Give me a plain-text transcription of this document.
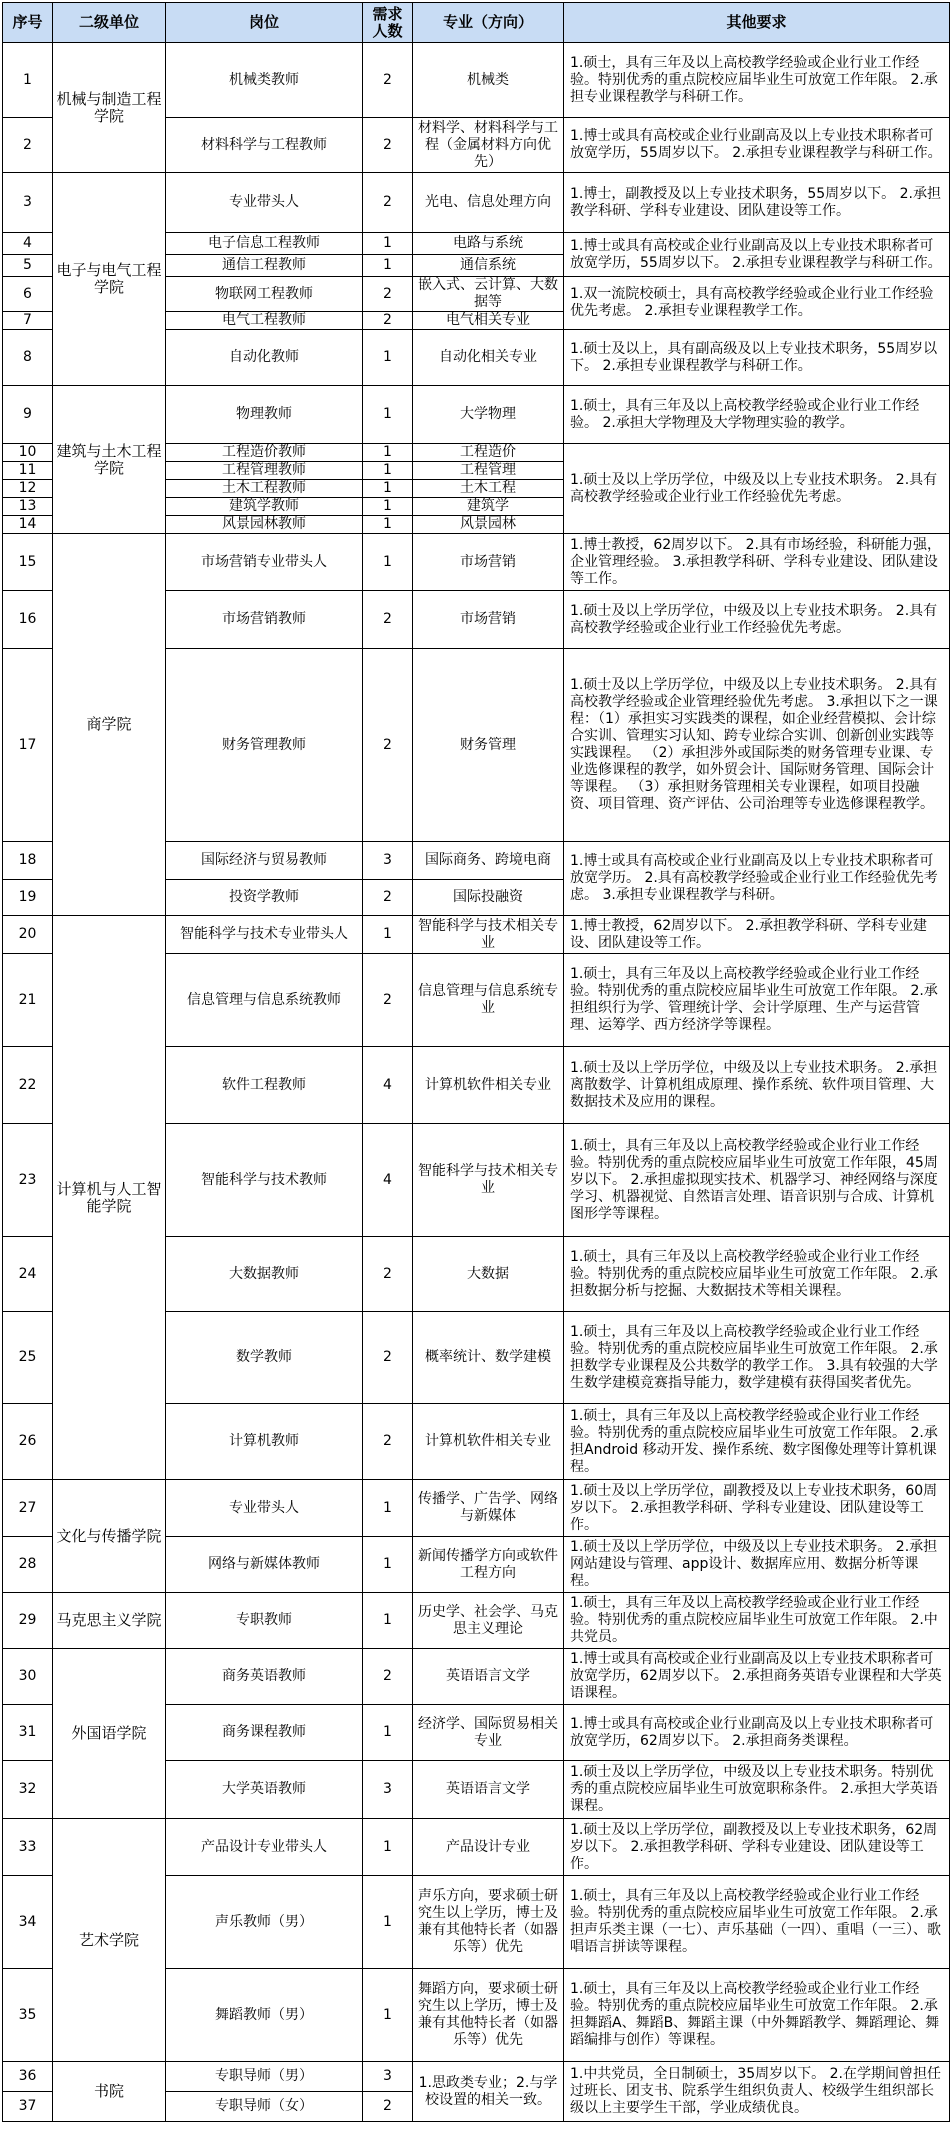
序号	二级单位	岗位	需求人数	专业（方向）	其他要求
1	机械与制造工程学院	机械类教师	2	机械类	1.硕士，具有三年及以上高校教学经验或企业行业工作经验。特别优秀的重点院校应届毕业生可放宽工作年限。 2.承担专业课程教学与科研工作。
2		材料科学与工程教师	2	材料学、材料科学与工程（金属材料方向优先）	1.博士或具有高校或企业行业副高及以上专业技术职称者可放宽学历，55周岁以下。 2.承担专业课程教学与科研工作。
3	电子与电气工程学院	专业带头人	2	光电、信息处理方向	1.博士，副教授及以上专业技术职务，55周岁以下。 2.承担教学科研、学科专业建设、团队建设等工作。
4		电子信息工程教师	1	电路与系统	1.博士或具有高校或企业行业副高及以上专业技术职称者可放宽学历，55周岁以下。 2.承担专业课程教学与科研工作。
5		通信工程教师	1	通信系统	
6		物联网工程教师	2	嵌入式、云计算、大数据等	1.双一流院校硕士，具有高校教学经验或企业行业工作经验优先考虑。 2.承担专业课程教学工作。
7		电气工程教师	2	电气相关专业	
8		自动化教师	1	自动化相关专业	1.硕士及以上，具有副高级及以上专业技术职务，55周岁以下。 2.承担专业课程教学与科研工作。
9	建筑与土木工程学院	物理教师	1	大学物理	1.硕士，具有三年及以上高校教学经验或企业行业工作经验。 2.承担大学物理及大学物理实验的教学。
10		工程造价教师	1	工程造价	1.硕士及以上学历学位，中级及以上专业技术职务。 2.具有高校教学经验或企业行业工作经验优先考虑。
11		工程管理教师	1	工程管理	
12		土木工程教师	1	土木工程	
13		建筑学教师	1	建筑学	
14		风景园林教师	1	风景园林	
15	商学院	市场营销专业带头人	1	市场营销	1.博士教授，62周岁以下。 2.具有市场经验，科研能力强，企业管理经验。 3.承担教学科研、学科专业建设、团队建设等工作。
16		市场营销教师	2	市场营销	1.硕士及以上学历学位，中级及以上专业技术职务。 2.具有高校教学经验或企业行业工作经验优先考虑。
17		财务管理教师	2	财务管理	1.硕士及以上学历学位，中级及以上专业技术职务。 2.具有高校教学经验或企业管理经验优先考虑。 3.承担以下之一课程：（1）承担实习实践类的课程，如企业经营模拟、会计综合实训、管理实习认知、跨专业综合实训、创新创业实践等实践课程。 （2）承担涉外或国际类的财务管理专业课、专业选修课程的教学，如外贸会计、国际财务管理、国际会计等课程。 （3）承担财务管理相关专业课程，如项目投融资、项目管理、资产评估、公司治理等专业选修课程教学。
18		国际经济与贸易教师	3	国际商务、跨境电商	1.博士或具有高校或企业行业副高及以上专业技术职称者可放宽学历。 2.具有高校教学经验或企业行业工作经验优先考虑。 3.承担专业课程教学与科研。
19		投资学教师	2	国际投融资	
20	计算机与人工智能学院	智能科学与技术专业带头人	1	智能科学与技术相关专业	1.博士教授，62周岁以下。 2.承担教学科研、学科专业建设、团队建设等工作。
21		信息管理与信息系统教师	2	信息管理与信息系统专业	1.硕士，具有三年及以上高校教学经验或企业行业工作经验。特别优秀的重点院校应届毕业生可放宽工作年限。 2.承担组织行为学、管理统计学、会计学原理、生产与运营管理、运筹学、西方经济学等课程。
22		软件工程教师	4	计算机软件相关专业	1.硕士及以上学历学位，中级及以上专业技术职务。 2.承担离散数学、计算机组成原理、操作系统、软件项目管理、大数据技术及应用的课程。
23		智能科学与技术教师	4	智能科学与技术相关专业	1.硕士，具有三年及以上高校教学经验或企业行业工作经验。特别优秀的重点院校应届毕业生可放宽工作年限，45周岁以下。 2.承担虚拟现实技术、机器学习、神经网络与深度学习、机器视觉、自然语言处理、语音识别与合成、计算机图形学等课程。
24		大数据教师	2	大数据	1.硕士，具有三年及以上高校教学经验或企业行业工作经验。特别优秀的重点院校应届毕业生可放宽工作年限。 2.承担数据分析与挖掘、大数据技术等相关课程。
25		数学教师	2	概率统计、数学建模	1.硕士，具有三年及以上高校教学经验或企业行业工作经验。特别优秀的重点院校应届毕业生可放宽工作年限。 2.承担数学专业课程及公共数学的教学工作。 3.具有较强的大学生数学建模竞赛指导能力，数学建模有获得国奖者优先。
26		计算机教师	2	计算机软件相关专业	1.硕士，具有三年及以上高校教学经验或企业行业工作经验。特别优秀的重点院校应届毕业生可放宽工作年限。 2.承担Android 移动开发、操作系统、数字图像处理等计算机课程。
27	文化与传播学院	专业带头人	1	传播学、广告学、网络与新媒体	1.硕士及以上学历学位，副教授及以上专业技术职务，60周岁以下。 2.承担教学科研、学科专业建设、团队建设等工作。
28		网络与新媒体教师	1	新闻传播学方向或软件工程方向	1.硕士及以上学历学位，中级及以上专业技术职务。 2.承担网站建设与管理、app设计、数据库应用、数据分析等课程。
29	马克思主义学院	专职教师	1	历史学、社会学、马克思主义理论	1.硕士，具有三年及以上高校教学经验或企业行业工作经验。特别优秀的重点院校应届毕业生可放宽工作年限。 2.中共党员。
30	外国语学院	商务英语教师	2	英语语言文学	1.博士或具有高校或企业行业副高及以上专业技术职称者可放宽学历，62周岁以下。 2.承担商务英语专业课程和大学英语课程。
31		商务课程教师	1	经济学、国际贸易相关专业	1.博士或具有高校或企业行业副高及以上专业技术职称者可放宽学历，62周岁以下。 2.承担商务类课程。
32		大学英语教师	3	英语语言文学	1.硕士及以上学历学位，中级及以上专业技术职务。特别优秀的重点院校应届毕业生可放宽职称条件。 2.承担大学英语课程。
33	艺术学院	产品设计专业带头人	1	产品设计专业	1.硕士及以上学历学位，副教授及以上专业技术职务，62周岁以下。 2.承担教学科研、学科专业建设、团队建设等工作。
34		声乐教师（男）	1	声乐方向，要求硕士研究生以上学历，博士及兼有其他特长者（如器乐等）优先	1.硕士，具有三年及以上高校教学经验或企业行业工作经验。特别优秀的重点院校应届毕业生可放宽工作年限。 2.承担声乐类主课（一七）、声乐基础（一四）、重唱（一三）、歌唱语言拼读等课程。
35		舞蹈教师（男）	1	舞蹈方向，要求硕士研究生以上学历，博士及兼有其他特长者（如器乐等）优先	1.硕士，具有三年及以上高校教学经验或企业行业工作经验。特别优秀的重点院校应届毕业生可放宽工作年限。 2.承担舞蹈A、舞蹈B、舞蹈主课（中外舞蹈教学、舞蹈理论、舞蹈编排与创作）等课程。
36	书院	专职导师（男）	3	1.思政类专业；2.与学校设置的相关一致。	1.中共党员，全日制硕士，35周岁以下。 2.在学期间曾担任过班长、团支书、院系学生组织负责人、校级学生组织部长级以上主要学生干部，学业成绩优良。
37		专职导师（女）	2		
